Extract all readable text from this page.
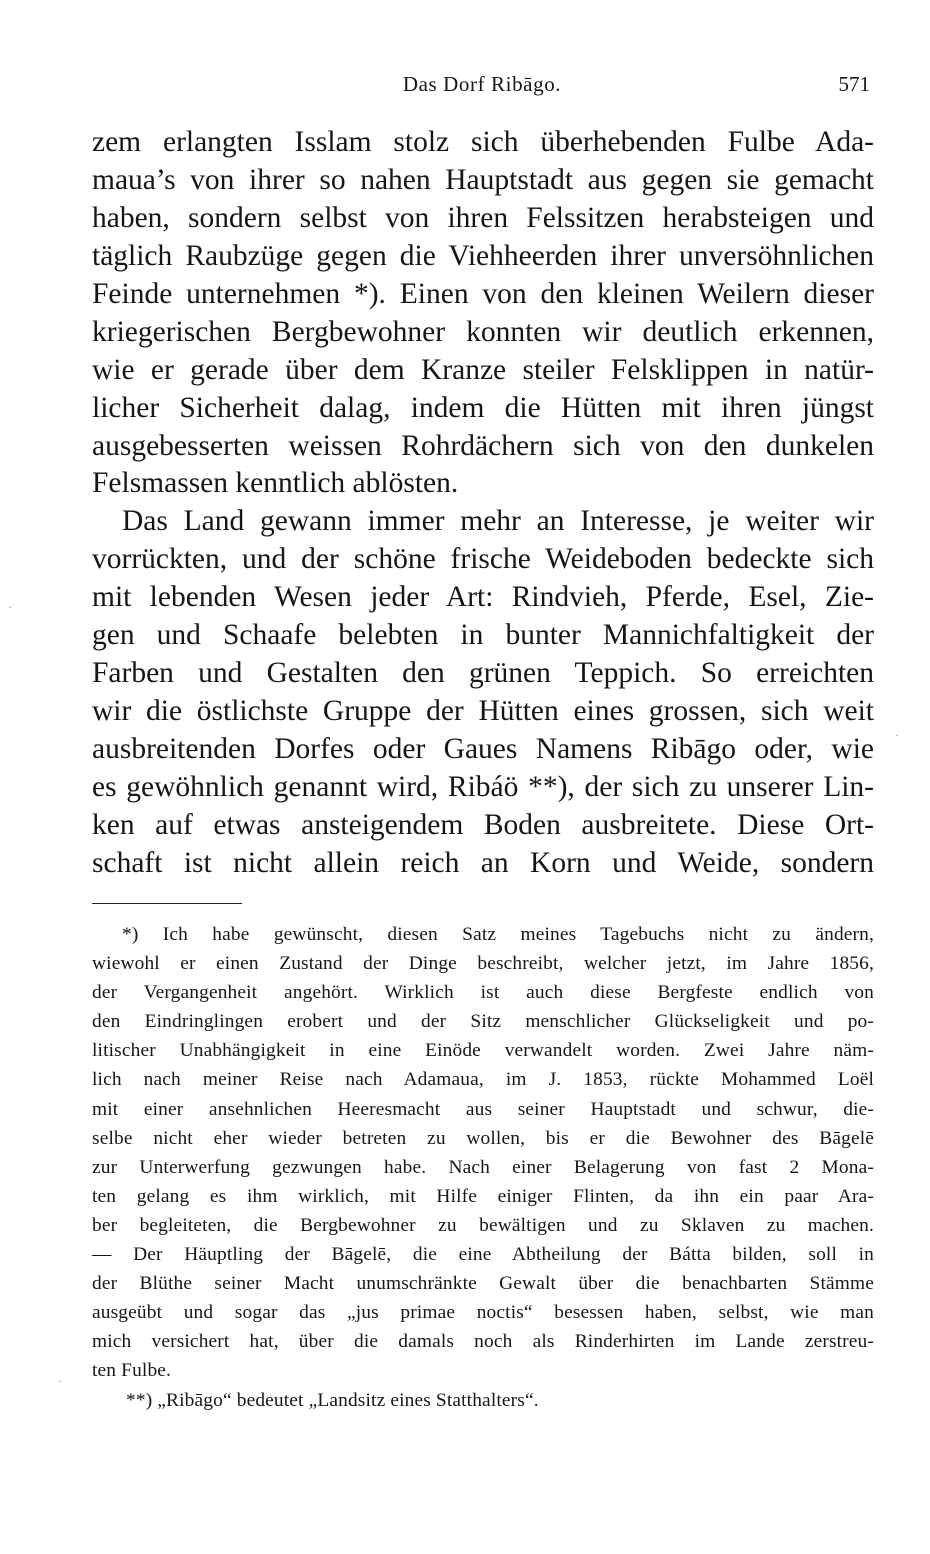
Das Dorf Ribāgo.	571
zem erlangten Isslam stolz sich überhebenden Fulbe Ada-
maua’s von ihrer so nahen Hauptstadt aus gegen sie gemacht
haben, sondern selbst von ihren Felssitzen herabsteigen und
täglich Raubzüge gegen die Viehheerden ihrer unversöhnlichen
Feinde unternehmen *). Einen von den kleinen Weilern dieser
kriegerischen Bergbewohner konnten wir deutlich erkennen,
wie er gerade über dem Kranze steiler Felsklippen in natür-
licher Sicherheit dalag, indem die Hütten mit ihren jüngst
ausgebesserten weissen Rohrdächern sich von den dunkelen
Felsmassen kenntlich ablösten.
Das Land gewann immer mehr an Interesse, je weiter wir
vorrückten, und der schöne frische Weideboden bedeckte sich
mit lebenden Wesen jeder Art: Rindvieh, Pferde, Esel, Zie-
gen und Schaafe belebten in bunter Mannichfaltigkeit der
Farben und Gestalten den grünen Teppich. So erreichten
wir die östlichste Gruppe der Hütten eines grossen, sich weit
ausbreitenden Dorfes oder Gaues Namens Ribāgo oder, wie
es gewöhnlich genannt wird, Ribáö **), der sich zu unserer Lin-
ken auf etwas ansteigendem Boden ausbreitete. Diese Ort-
schaft ist nicht allein reich an Korn und Weide, sondern
*) Ich habe gewünscht, diesen Satz meines Tagebuchs nicht zu ändern,
wiewohl er einen Zustand der Dinge beschreibt, welcher jetzt, im Jahre 1856,
der Vergangenheit angehört. Wirklich ist auch diese Bergfeste endlich von
den Eindringlingen erobert und der Sitz menschlicher Glückseligkeit und po-
litischer Unabhängigkeit in eine Einöde verwandelt worden. Zwei Jahre näm-
lich nach meiner Reise nach Adamaua, im J. 1853, rückte Mohammed Loël
mit einer ansehnlichen Heeresmacht aus seiner Hauptstadt und schwur, die-
selbe nicht eher wieder betreten zu wollen, bis er die Bewohner des Bāgelē
zur Unterwerfung gezwungen habe. Nach einer Belagerung von fast 2 Mona-
ten gelang es ihm wirklich, mit Hilfe einiger Flinten, da ihn ein paar Ara-
ber begleiteten, die Bergbewohner zu bewältigen und zu Sklaven zu machen.
— Der Häuptling der Bāgelē, die eine Abtheilung der Bátta bilden, soll in
der Blüthe seiner Macht unumschränkte Gewalt über die benachbarten Stämme
ausgeübt und sogar das „jus primae noctis“ besessen haben, selbst, wie man
mich versichert hat, über die damals noch als Rinderhirten im Lande zerstreu-
ten Fulbe.
**) „Ribāgo“ bedeutet „Landsitz eines Statthalters“.
·
·
·
